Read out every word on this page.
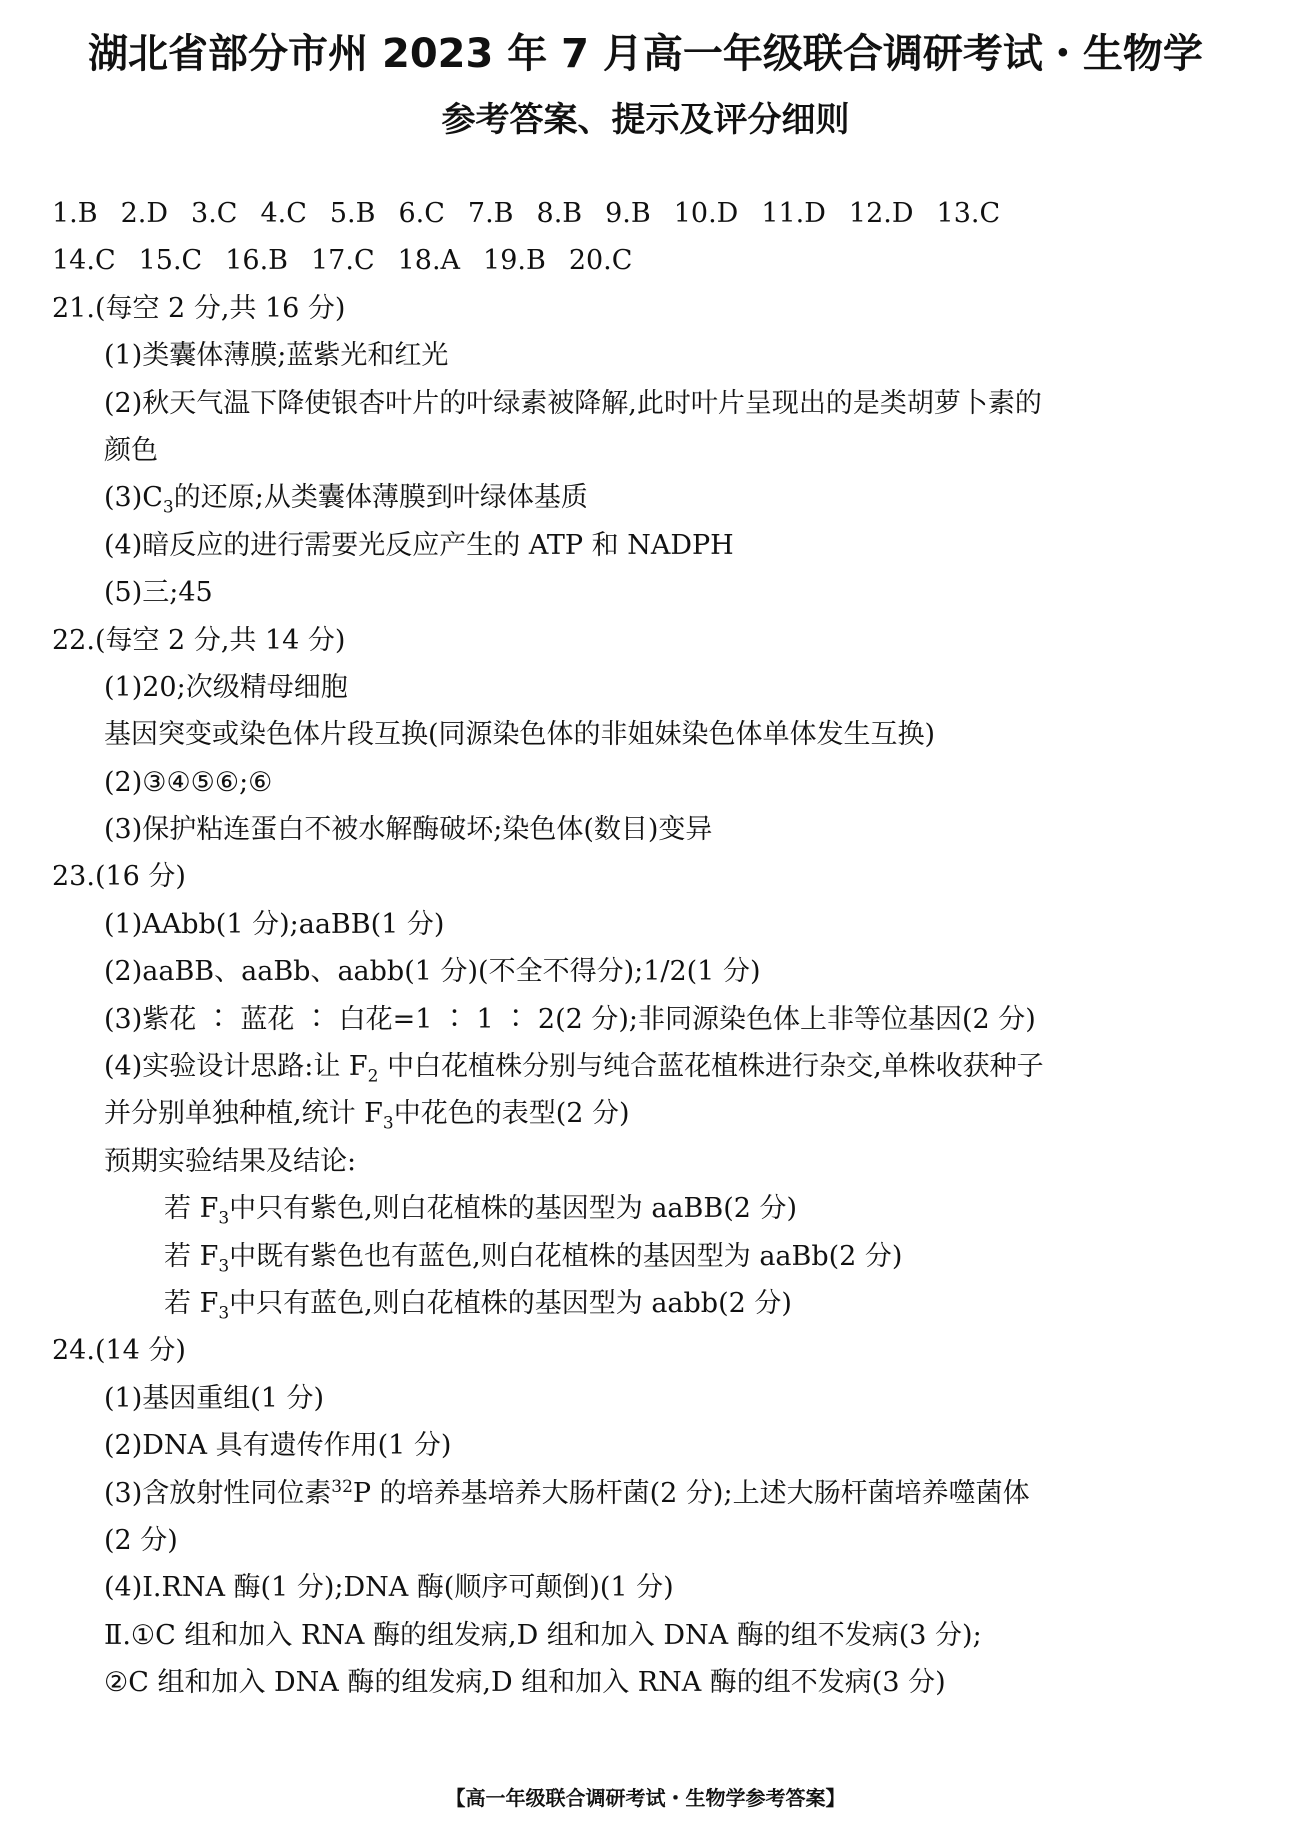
湖北省部分市州 2023 年 7 月高一年级联合调研考试・生物学
参考答案、提示及评分细则
1.B 2.D 3.C 4.C 5.B 6.C 7.B 8.B 9.B 10.D 11.D 12.D 13.C
14.C 15.C 16.B 17.C 18.A 19.B 20.C
21.(每空 2 分,共 16 分)
(1)类囊体薄膜;蓝紫光和红光
(2)秋天气温下降使银杏叶片的叶绿素被降解,此时叶片呈现出的是类胡萝卜素的
颜色
$(3)C_3$的还原;从类囊体薄膜到叶绿体基质
(4)暗反应的进行需要光反应产生的 ATP 和 NADPH
(5)三;45
22.(每空 2 分,共 14 分)
(1)20;次级精母细胞
基因突变或染色体片段互换(同源染色体的非姐妹染色体单体发生互换)
(2)③④⑤⑥;⑥
(3)保护粘连蛋白不被水解酶破坏;染色体(数目)变异
23.(16 分)
(1)AAbb(1 分);aaBB(1 分)
(2)aaBB、aaBb、aabb(1 分)(不全不得分);1/2(1 分)
(3)紫花 ∶ 蓝花 ∶ 白花=1 ∶ 1 ∶ 2(2 分);非同源染色体上非等位基因(2 分)
(4)实验设计思路:让 $F_2$ 中白花植株分别与纯合蓝花植株进行杂交,单株收获种子
并分别单独种植,统计 $F_3$中花色的表型(2 分)
预期实验结果及结论:
若 $F_3$中只有紫色,则白花植株的基因型为 aaBB(2 分)
若 $F_3$中既有紫色也有蓝色,则白花植株的基因型为 aaBb(2 分)
若 $F_3$中只有蓝色,则白花植株的基因型为 aabb(2 分)
24.(14 分)
(1)基因重组(1 分)
(2)DNA 具有遗传作用(1 分)
(3)含放射性同位素$^{32}$P 的培养基培养大肠杆菌(2 分);上述大肠杆菌培养噬菌体
(2 分)
(4)Ⅰ.RNA 酶(1 分);DNA 酶(顺序可颠倒)(1 分)
Ⅱ.①C 组和加入 RNA 酶的组发病,D 组和加入 DNA 酶的组不发病(3 分);
②C 组和加入 DNA 酶的组发病,D 组和加入 RNA 酶的组不发病(3 分)
【高一年级联合调研考试・生物学参考答案】
